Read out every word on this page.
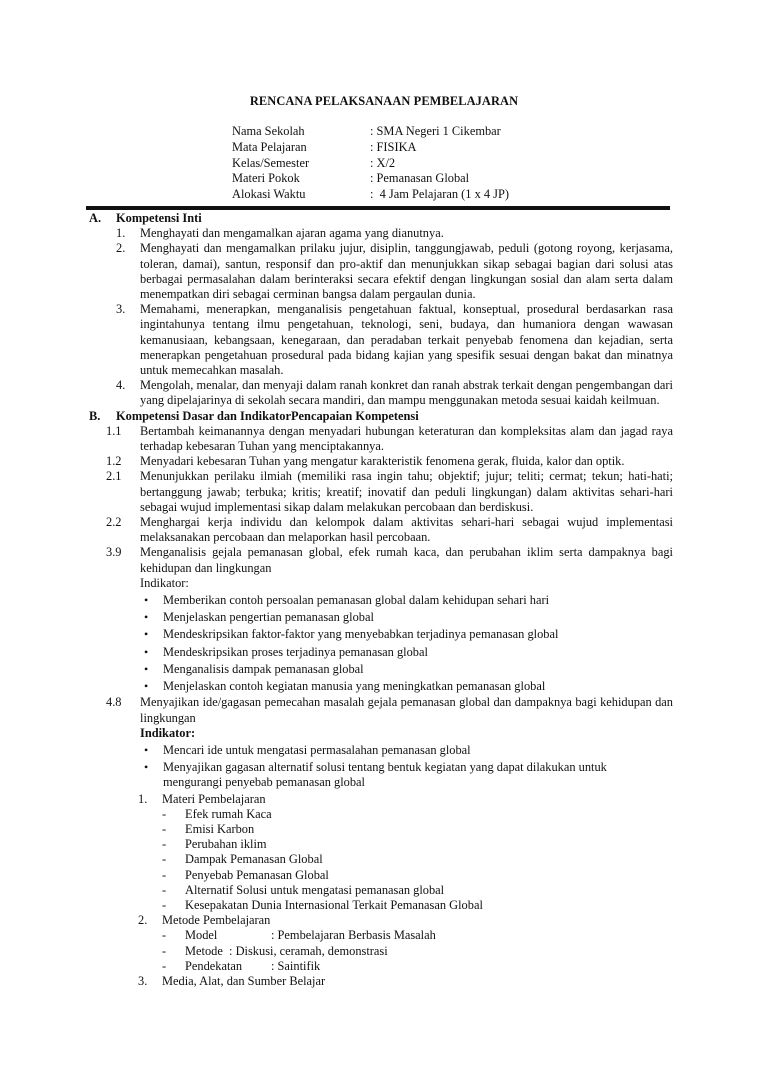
RENCANA PELAKSANAAN PEMBELAJARAN
Nama Sekolah	: SMA Negeri 1 Cikembar
Mata Pelajaran	: FISIKA
Kelas/Semester	: X/2
Materi Pokok	: Pemanasan Global
Alokasi Waktu	:  4 Jam Pelajaran (1 x 4 JP)
A. Kompetensi Inti
1. Menghayati dan mengamalkan ajaran agama yang dianutnya.
2. Menghayati dan mengamalkan prilaku jujur, disiplin, tanggungjawab, peduli (gotong royong, kerjasama, toleran, damai), santun, responsif dan pro-aktif dan menunjukkan sikap sebagai bagian dari solusi atas berbagai permasalahan dalam berinteraksi secara efektif dengan lingkungan sosial dan alam serta dalam menempatkan diri sebagai cerminan bangsa dalam pergaulan dunia.
3. Memahami, menerapkan, menganalisis pengetahuan faktual, konseptual, prosedural berdasarkan rasa ingintahunya tentang ilmu pengetahuan, teknologi, seni, budaya, dan humaniora dengan wawasan kemanusiaan, kebangsaan, kenegaraan, dan peradaban terkait penyebab fenomena dan kejadian, serta menerapkan pengetahuan prosedural pada bidang kajian yang spesifik sesuai dengan bakat dan minatnya untuk memecahkan masalah.
4. Mengolah, menalar, dan menyaji dalam ranah konkret dan ranah abstrak terkait dengan pengembangan dari yang dipelajarinya di sekolah secara mandiri, dan mampu menggunakan metoda sesuai kaidah keilmuan.
B. Kompetensi Dasar dan IndikatorPencapaian Kompetensi
1.1 Bertambah keimanannya dengan menyadari hubungan keteraturan dan kompleksitas alam dan jagad raya terhadap kebesaran Tuhan yang menciptakannya.
1.2 Menyadari kebesaran Tuhan yang mengatur karakteristik fenomena gerak, fluida, kalor dan optik.
2.1 Menunjukkan perilaku ilmiah (memiliki rasa ingin tahu; objektif; jujur; teliti; cermat; tekun; hati-hati; bertanggung jawab; terbuka; kritis; kreatif; inovatif dan peduli lingkungan) dalam aktivitas sehari-hari sebagai wujud implementasi sikap dalam melakukan percobaan dan berdiskusi.
2.2 Menghargai kerja individu dan kelompok dalam aktivitas sehari-hari sebagai wujud implementasi melaksanakan percobaan dan melaporkan hasil percobaan.
3.9 Menganalisis gejala pemanasan global, efek rumah kaca, dan perubahan iklim serta dampaknya bagi kehidupan dan lingkungan
Indikator:
• Memberikan contoh persoalan pemanasan global dalam kehidupan sehari hari
• Menjelaskan pengertian pemanasan global
• Mendeskripsikan faktor-faktor yang menyebabkan terjadinya pemanasan global
• Mendeskripsikan proses terjadinya pemanasan global
• Menganalisis dampak pemanasan global
• Menjelaskan contoh kegiatan manusia yang meningkatkan pemanasan global
4.8 Menyajikan ide/gagasan pemecahan masalah gejala pemanasan global dan dampaknya bagi kehidupan dan lingkungan
Indikator:
• Mencari ide untuk mengatasi permasalahan pemanasan global
• Menyajikan gagasan alternatif solusi tentang bentuk kegiatan yang dapat dilakukan untuk mengurangi penyebab pemanasan global
1. Materi Pembelajaran
- Efek rumah Kaca
- Emisi Karbon
- Perubahan iklim
- Dampak Pemanasan Global
- Penyebab Pemanasan Global
- Alternatif Solusi untuk mengatasi pemanasan global
- Kesepakatan Dunia Internasional Terkait Pemanasan Global
2. Metode Pembelajaran
- Model	: Pembelajaran Berbasis Masalah
- Metode  : Diskusi, ceramah, demonstrasi
- Pendekatan : Saintifik
3. Media, Alat, dan Sumber Belajar
